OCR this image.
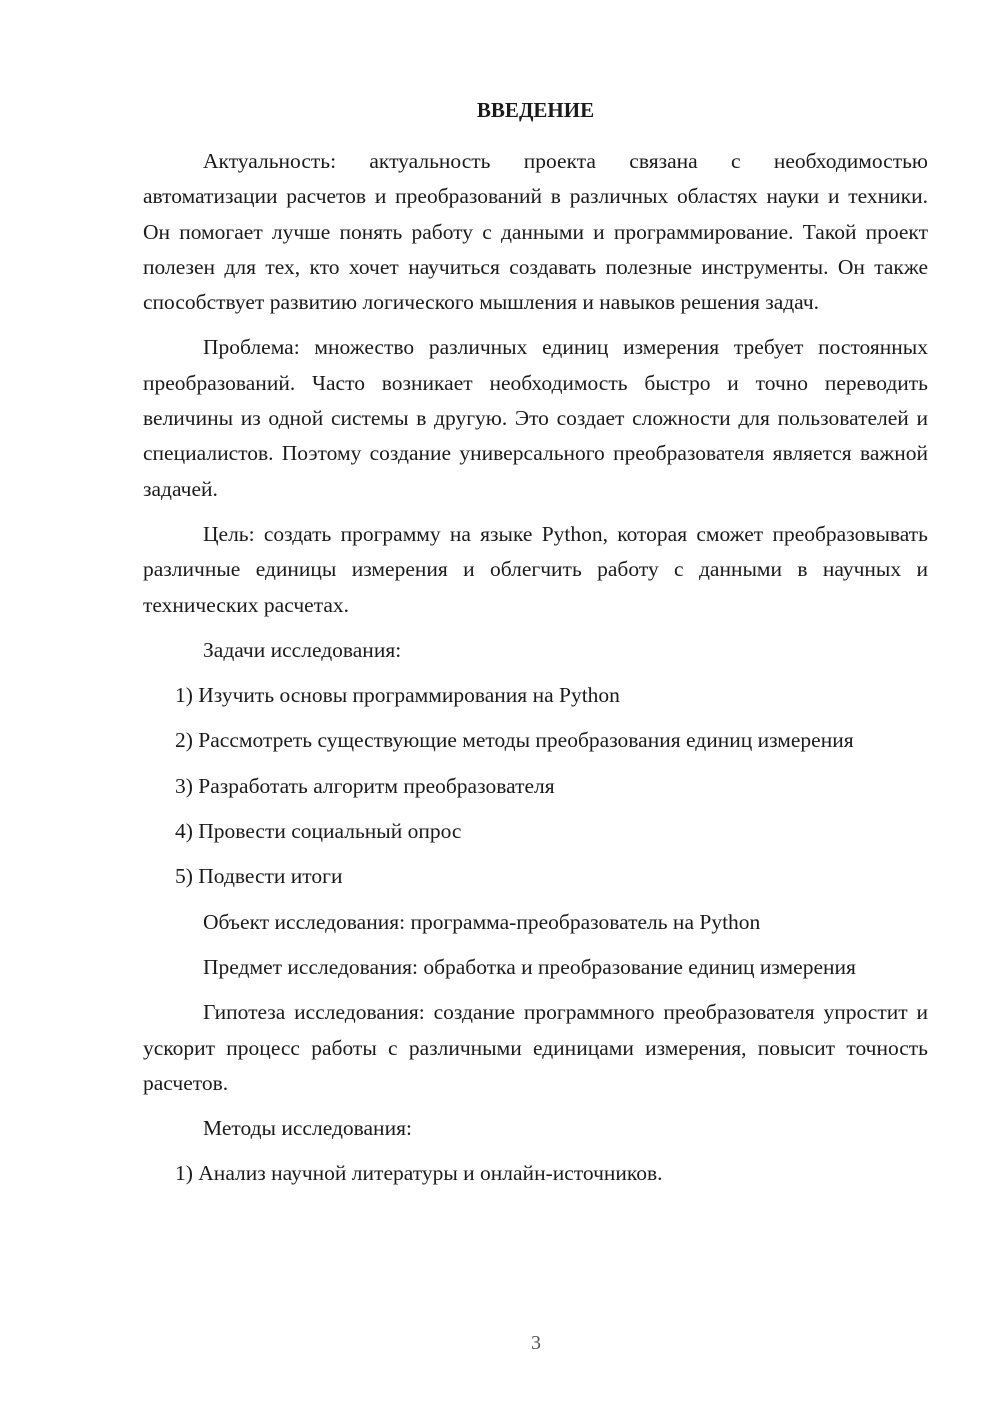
ВВЕДЕНИЕ

Актуальность: актуальность проекта связана с необходимостью автоматизации расчетов и преобразований в различных областях науки и техники. Он помогает лучше понять работу с данными и программирование. Такой проект полезен для тех, кто хочет научиться создавать полезные инструменты. Он также способствует развитию логического мышления и навыков решения задач.

Проблема: множество различных единиц измерения требует постоянных преобразований. Часто возникает необходимость быстро и точно переводить величины из одной системы в другую. Это создает сложности для пользователей и специалистов. Поэтому создание универсального преобразователя является важной задачей.

Цель: создать программу на языке Python, которая сможет преобразовывать различные единицы измерения и облегчить работу с данными в научных и технических расчетах.

Задачи исследования:

1) Изучить основы программирования на Python

2) Рассмотреть существующие методы преобразования единиц измерения

3) Разработать алгоритм преобразователя

4) Провести социальный опрос

5) Подвести итоги

Объект исследования: программа-преобразователь на Python

Предмет исследования: обработка и преобразование единиц измерения

Гипотеза исследования: создание программного преобразователя упростит и ускорит процесс работы с различными единицами измерения, повысит точность расчетов.

Методы исследования:

1) Анализ научной литературы и онлайн-источников.

3
